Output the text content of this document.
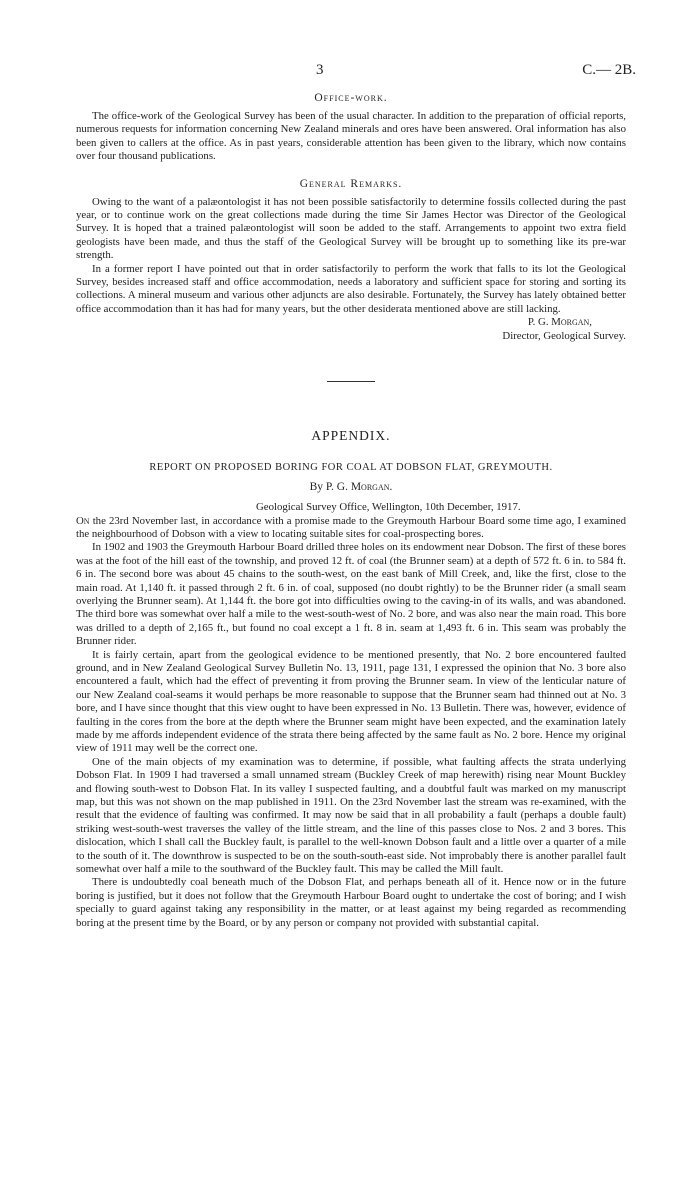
3	C.— 2B.
Office-work.

The office-work of the Geological Survey has been of the usual character. In addition to the preparation of official reports, numerous requests for information concerning New Zealand minerals and ores have been answered. Oral information has also been given to callers at the office. As in past years, considerable attention has been given to the library, which now contains over four thousand publications.

General Remarks.

Owing to the want of a palæontologist it has not been possible satisfactorily to determine fossils collected during the past year, or to continue work on the great collections made during the time Sir James Hector was Director of the Geological Survey. It is hoped that a trained palæontologist will soon be added to the staff. Arrangements to appoint two extra field geologists have been made, and thus the staff of the Geological Survey will be brought up to something like its pre-war strength.

In a former report I have pointed out that in order satisfactorily to perform the work that falls to its lot the Geological Survey, besides increased staff and office accommodation, needs a laboratory and sufficient space for storing and sorting its collections. A mineral museum and various other adjuncts are also desirable. Fortunately, the Survey has lately obtained better office accommodation than it has had for many years, but the other desiderata mentioned above are still lacking.

P. G. Morgan,
Director, Geological Survey.
APPENDIX.
REPORT ON PROPOSED BORING FOR COAL AT DOBSON FLAT, GREYMOUTH.
By P. G. Morgan.
Geological Survey Office, Wellington, 10th December, 1917.

On the 23rd November last, in accordance with a promise made to the Greymouth Harbour Board some time ago, I examined the neighbourhood of Dobson with a view to locating suitable sites for coal-prospecting bores.

In 1902 and 1903 the Greymouth Harbour Board drilled three holes on its endowment near Dobson. The first of these bores was at the foot of the hill east of the township, and proved 12 ft. of coal (the Brunner seam) at a depth of 572 ft. 6 in. to 584 ft. 6 in. The second bore was about 45 chains to the south-west, on the east bank of Mill Creek, and, like the first, close to the main road. At 1,140 ft. it passed through 2 ft. 6 in. of coal, supposed (no doubt rightly) to be the Brunner rider (a small seam overlying the Brunner seam). At 1,144 ft. the bore got into difficulties owing to the caving-in of its walls, and was abandoned. The third bore was somewhat over half a mile to the west-south-west of No. 2 bore, and was also near the main road. This bore was drilled to a depth of 2,165 ft., but found no coal except a 1 ft. 8 in. seam at 1,493 ft. 6 in. This seam was probably the Brunner rider.

It is fairly certain, apart from the geological evidence to be mentioned presently, that No. 2 bore encountered faulted ground, and in New Zealand Geological Survey Bulletin No. 13, 1911, page 131, I expressed the opinion that No. 3 bore also encountered a fault, which had the effect of preventing it from proving the Brunner seam. In view of the lenticular nature of our New Zealand coal-seams it would perhaps be more reasonable to suppose that the Brunner seam had thinned out at No. 3 bore, and I have since thought that this view ought to have been expressed in No. 13 Bulletin. There was, however, evidence of faulting in the cores from the bore at the depth where the Brunner seam might have been expected, and the examination lately made by me affords independent evidence of the strata there being affected by the same fault as No. 2 bore. Hence my original view of 1911 may well be the correct one.

One of the main objects of my examination was to determine, if possible, what faulting affects the strata underlying Dobson Flat. In 1909 I had traversed a small unnamed stream (Buckley Creek of map herewith) rising near Mount Buckley and flowing south-west to Dobson Flat. In its valley I suspected faulting, and a doubtful fault was marked on my manuscript map, but this was not shown on the map published in 1911. On the 23rd November last the stream was re-examined, with the result that the evidence of faulting was confirmed. It may now be said that in all probability a fault (perhaps a double fault) striking west-south-west traverses the valley of the little stream, and the line of this passes close to Nos. 2 and 3 bores. This dislocation, which I shall call the Buckley fault, is parallel to the well-known Dobson fault and a little over a quarter of a mile to the south of it. The downthrow is suspected to be on the south-south-east side. Not improbably there is another parallel fault somewhat over half a mile to the southward of the Buckley fault. This may be called the Mill fault.

There is undoubtedly coal beneath much of the Dobson Flat, and perhaps beneath all of it. Hence now or in the future boring is justified, but it does not follow that the Greymouth Harbour Board ought to undertake the cost of boring; and I wish specially to guard against taking any responsibility in the matter, or at least against my being regarded as recommending boring at the present time by the Board, or by any person or company not provided with substantial capital.
